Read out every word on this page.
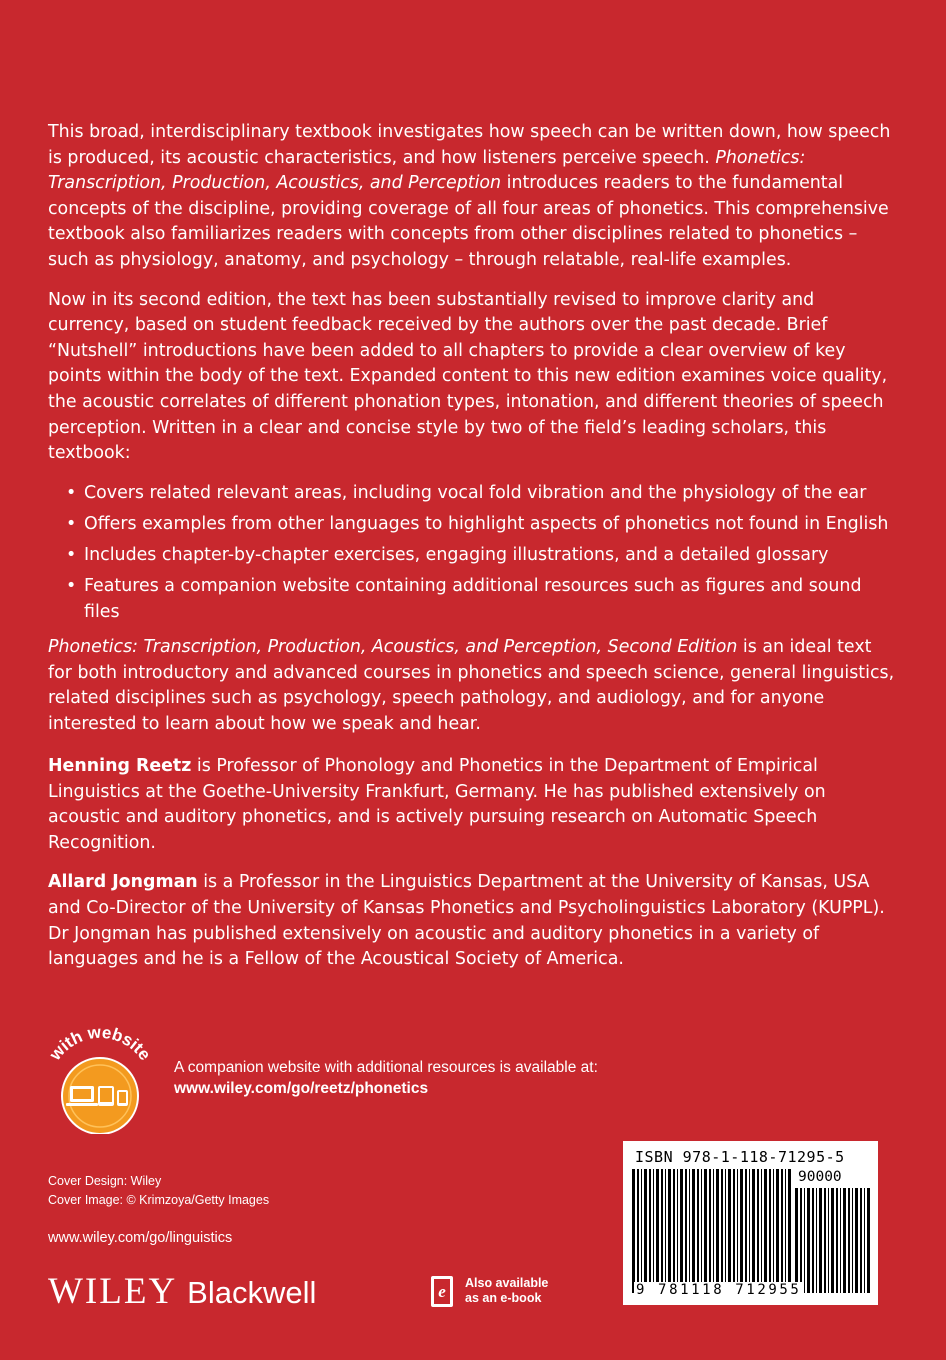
This broad, interdisciplinary textbook investigates how speech can be written down, how speech is produced, its acoustic characteristics, and how listeners perceive speech. Phonetics: Transcription, Production, Acoustics, and Perception introduces readers to the fundamental concepts of the discipline, providing coverage of all four areas of phonetics. This comprehensive textbook also familiarizes readers with concepts from other disciplines related to phonetics – such as physiology, anatomy, and psychology – through relatable, real-life examples.

Now in its second edition, the text has been substantially revised to improve clarity and currency, based on student feedback received by the authors over the past decade. Brief “Nutshell” introductions have been added to all chapters to provide a clear overview of key points within the body of the text. Expanded content to this new edition examines voice quality, the acoustic correlates of different phonation types, intonation, and different theories of speech perception. Written in a clear and concise style by two of the field’s leading scholars, this textbook:

• Covers related relevant areas, including vocal fold vibration and the physiology of the ear
• Offers examples from other languages to highlight aspects of phonetics not found in English
• Includes chapter-by-chapter exercises, engaging illustrations, and a detailed glossary
• Features a companion website containing additional resources such as figures and sound files

Phonetics: Transcription, Production, Acoustics, and Perception, Second Edition is an ideal text for both introductory and advanced courses in phonetics and speech science, general linguistics, related disciplines such as psychology, speech pathology, and audiology, and for anyone interested to learn about how we speak and hear.

Henning Reetz is Professor of Phonology and Phonetics in the Department of Empirical Linguistics at the Goethe-University Frankfurt, Germany. He has published extensively on acoustic and auditory phonetics, and is actively pursuing research on Automatic Speech Recognition.

Allard Jongman is a Professor in the Linguistics Department at the University of Kansas, USA and Co-Director of the University of Kansas Phonetics and Psycholinguistics Laboratory (KUPPL). Dr Jongman has published extensively on acoustic and auditory phonetics in a variety of languages and he is a Fellow of the Acoustical Society of America.

with website
A companion website with additional resources is available at:
www.wiley.com/go/reetz/phonetics
Cover Design: Wiley
Cover Image: © Krimzoya/Getty Images
www.wiley.com/go/linguistics
WILEY Blackwell	e Also available
as an e-book
ISBN 978-1-118-71295-5
90000
9 781118 712955
